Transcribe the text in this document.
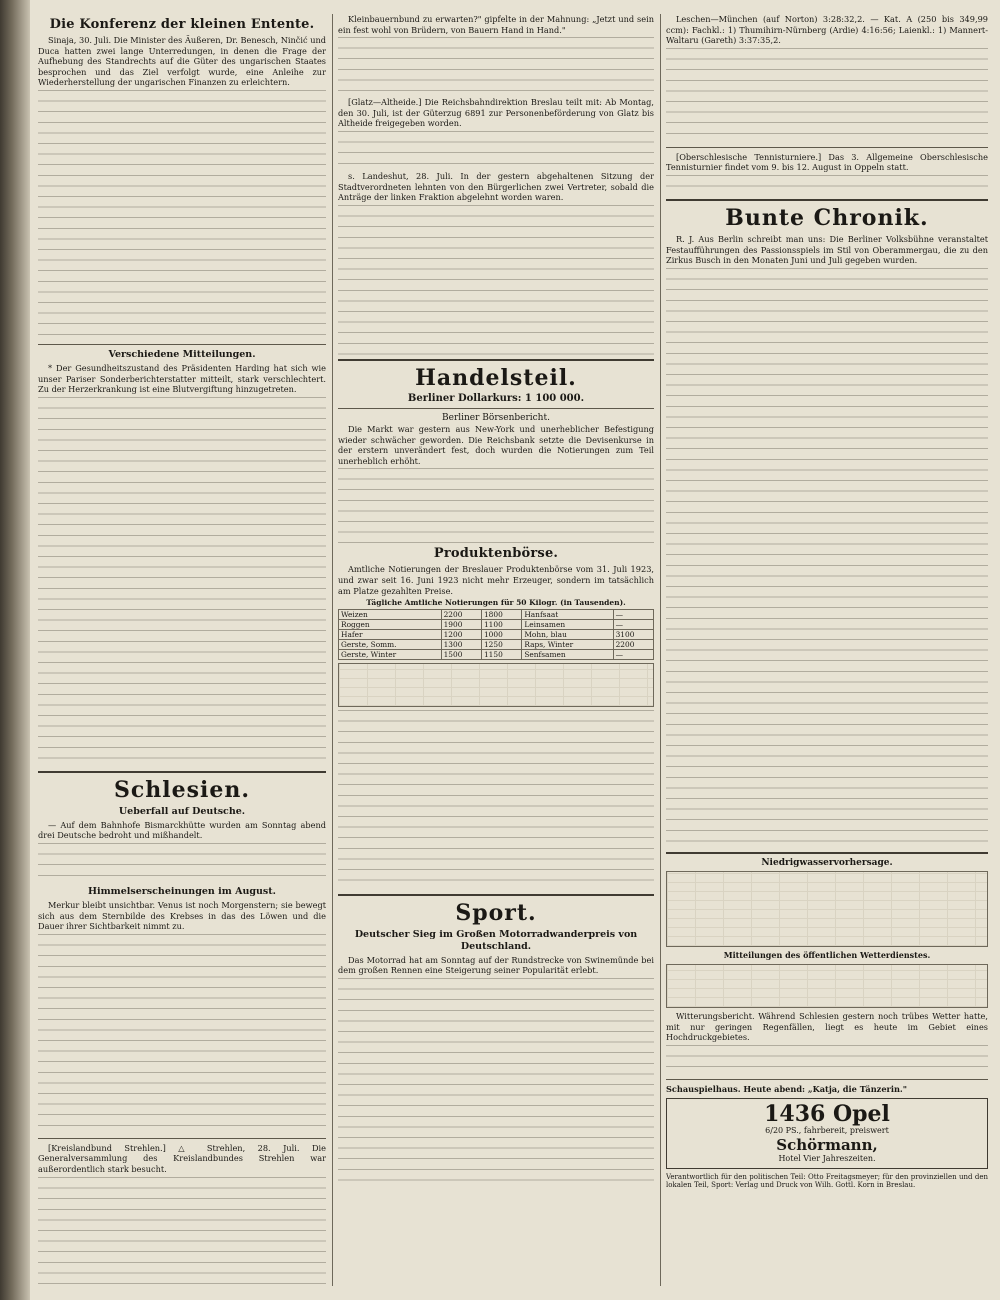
Die Konferenz der kleinen Entente.

Sinaja, 30. Juli. Die Minister des Äußeren, Dr. Benesch, Ninčić und Duca hatten zwei lange Unterredungen, in denen die Frage der Aufhebung des Standrechts auf die Güter des ungarischen Staates besprochen und das Ziel verfolgt wurde, eine Anleihe zur Wiederherstellung der ungarischen Finanzen zu erleichtern.

Verschiedene Mitteilungen.

* Der Gesundheitszustand des Präsidenten Harding hat sich wie unser Pariser Sonderberichterstatter mitteilt, stark verschlechtert. Zu der Herzerkrankung ist eine Blutvergiftung hinzugetreten.

Schlesien.
Ueberfall auf Deutsche.

— Auf dem Bahnhofe Bismarckhütte wurden am Sonntag abend drei Deutsche bedroht und mißhandelt.

Himmelserscheinungen im August.

Merkur bleibt unsichtbar. Venus ist noch Morgenstern; sie bewegt sich aus dem Sternbilde des Krebses in das des Löwen und die Dauer ihrer Sichtbarkeit nimmt zu.

[Kreislandbund Strehlen.] △ Strehlen, 28. Juli. Die Generalversammlung des Kreislandbundes Strehlen war außerordentlich stark besucht.

Kleinbauernbund zu erwarten?" gipfelte in der Mahnung: „Jetzt und sein ein fest wohl von Brüdern, von Bauern Hand in Hand."

[Glatz—Altheide.] Die Reichsbahndirektion Breslau teilt mit: Ab Montag, den 30. Juli, ist der Güterzug 6891 zur Personenbeförderung von Glatz bis Altheide freigegeben worden.

s. Landeshut, 28. Juli. In der gestern abgehaltenen Sitzung der Stadtverordneten lehnten von den Bürgerlichen zwei Vertreter, sobald die Anträge der linken Fraktion abgelehnt worden waren.

Handelsteil.
Berliner Dollarkurs: 1 100 000.
Berliner Börsenbericht.

Die Markt war gestern aus New-York und unerheblicher Befestigung wieder schwächer geworden. Die Reichsbank setzte die Devisenkurse in der erstern unverändert fest, doch wurden die Notierungen zum Teil unerheblich erhöht.

Produktenbörse.

Amtliche Notierungen der Breslauer Produktenbörse vom 31. Juli 1923, und zwar seit 16. Juni 1923 nicht mehr Erzeuger, sondern im tatsächlich am Platze gezahlten Preise.

Tägliche Amtliche Notierungen für 50 Kilogr. (in Tausenden).
Weizen	2200	1800	Hanfsaat	—
Roggen	1900	1100	Leinsamen	—
Hafer	1200	1000	Mohn, blau	3100
Gerste, Somm.	1300	1250	Raps, Winter	2200
Gerste, Winter	1500	1150	Senfsamen	—
Sport.
Deutscher Sieg im Großen Motorradwanderpreis von Deutschland.

Das Motorrad hat am Sonntag auf der Rundstrecke von Swinemünde bei dem großen Rennen eine Steigerung seiner Popularität erlebt.

Leschen—München (auf Norton) 3:28:32,2. — Kat. A (250 bis 349,99 ccm): Fachkl.: 1) Thumihirn-Nürnberg (Ardie) 4:16:56; Laienkl.: 1) Mannert-Waltaru (Gareth) 3:37:35,2.

[Oberschlesische Tennisturniere.] Das 3. Allgemeine Oberschlesische Tennisturnier findet vom 9. bis 12. August in Oppeln statt.

Bunte Chronik.

R. J. Aus Berlin schreibt man uns: Die Berliner Volksbühne veranstaltet Festaufführungen des Passionsspiels im Stil von Oberammergau, die zu den Zirkus Busch in den Monaten Juni und Juli gegeben wurden.

Niedrigwasservorhersage.
Mitteilungen des öffentlichen Wetterdienstes.

Witterungsbericht. Während Schlesien gestern noch trübes Wetter hatte, mit nur geringen Regenfällen, liegt es heute im Gebiet eines Hochdruckgebietes.

Schauspielhaus. Heute abend: „Katja, die Tänzerin."
1436 Opel
6/20 PS., fahrbereit, preiswert
Schörmann,
Hotel Vier Jahreszeiten.
Verantwortlich für den politischen Teil: Otto Freitagsmeyer; für den provinziellen und den lokalen Teil, Sport: Verlag und Druck von Wilh. Gottl. Korn in Breslau.
